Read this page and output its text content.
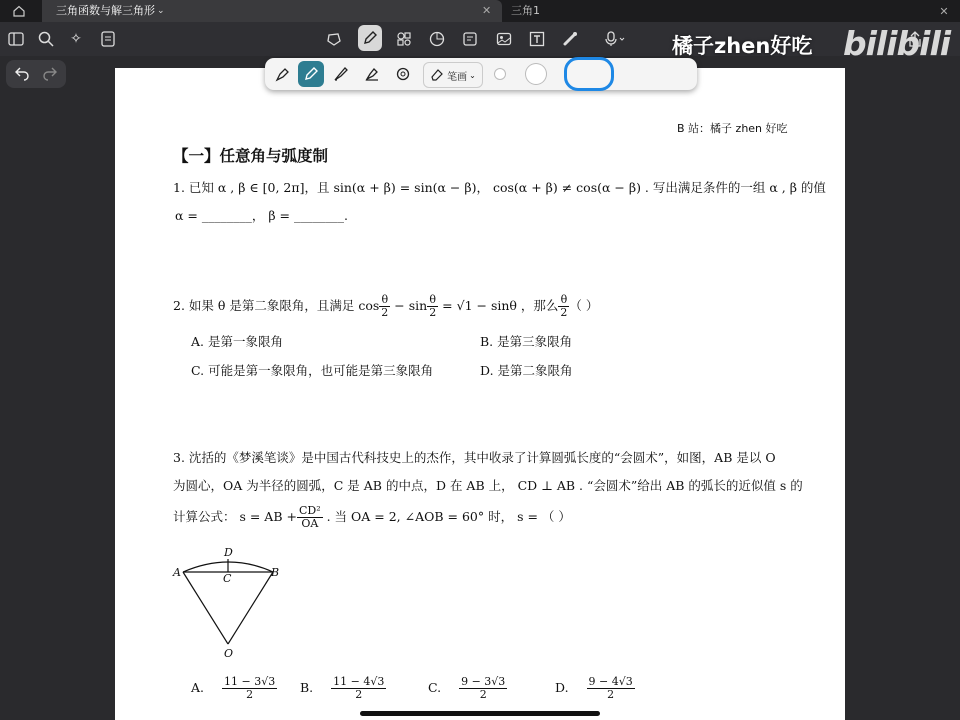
三角函数与解三角形 ⌄	✕ 三角1	✕
✧
B 站：橘子 zhen 好吃
【一】任意角与弧度制
1. 已知 α , β ∈ [0, 2π]，且 sin(α + β) = sin(α − β)， cos(α + β) ≠ cos(α − β) . 写出满足条件的一组 α , β 的值
α = ________， β = ________.
2. 如果 θ 是第二象限角，且满足 $\cos \frac{\theta}{2} - \sin \frac{\theta}{2} = √1 - \sin\theta$ ，那么 $\frac{\theta}{2}$ （ ）
A. 是第一象限角	B. 是第三象限角
C. 可能是第一象限角，也可能是第三象限角	D. 是第二象限角
3. 沈括的《梦溪笔谈》是中国古代科技史上的杰作，其中收录了计算圆弧长度的“会圆术”，如图，AB 是以 O
为圆心，OA 为半径的圆弧，C 是 AB 的中点，D 在 AB 上， CD ⊥ AB . “会圆术”给出 AB 的弧长的近似值 s 的
计算公式： s = AB + $\frac{\text{CD²}}{OA}$ . 当 OA = 2, ∠AOB = 60° 时， s = （ ）
D
A	C	B
O
A. $\frac{11 - 3√3}{2} B$. $\frac{11 - 4√3}{2}$	C. $\frac{9 - 3√3}{2}$	D. $\frac{9 - 4√3}{2}$
笔画 ⌄
橘子zhen好吃 bilibili
